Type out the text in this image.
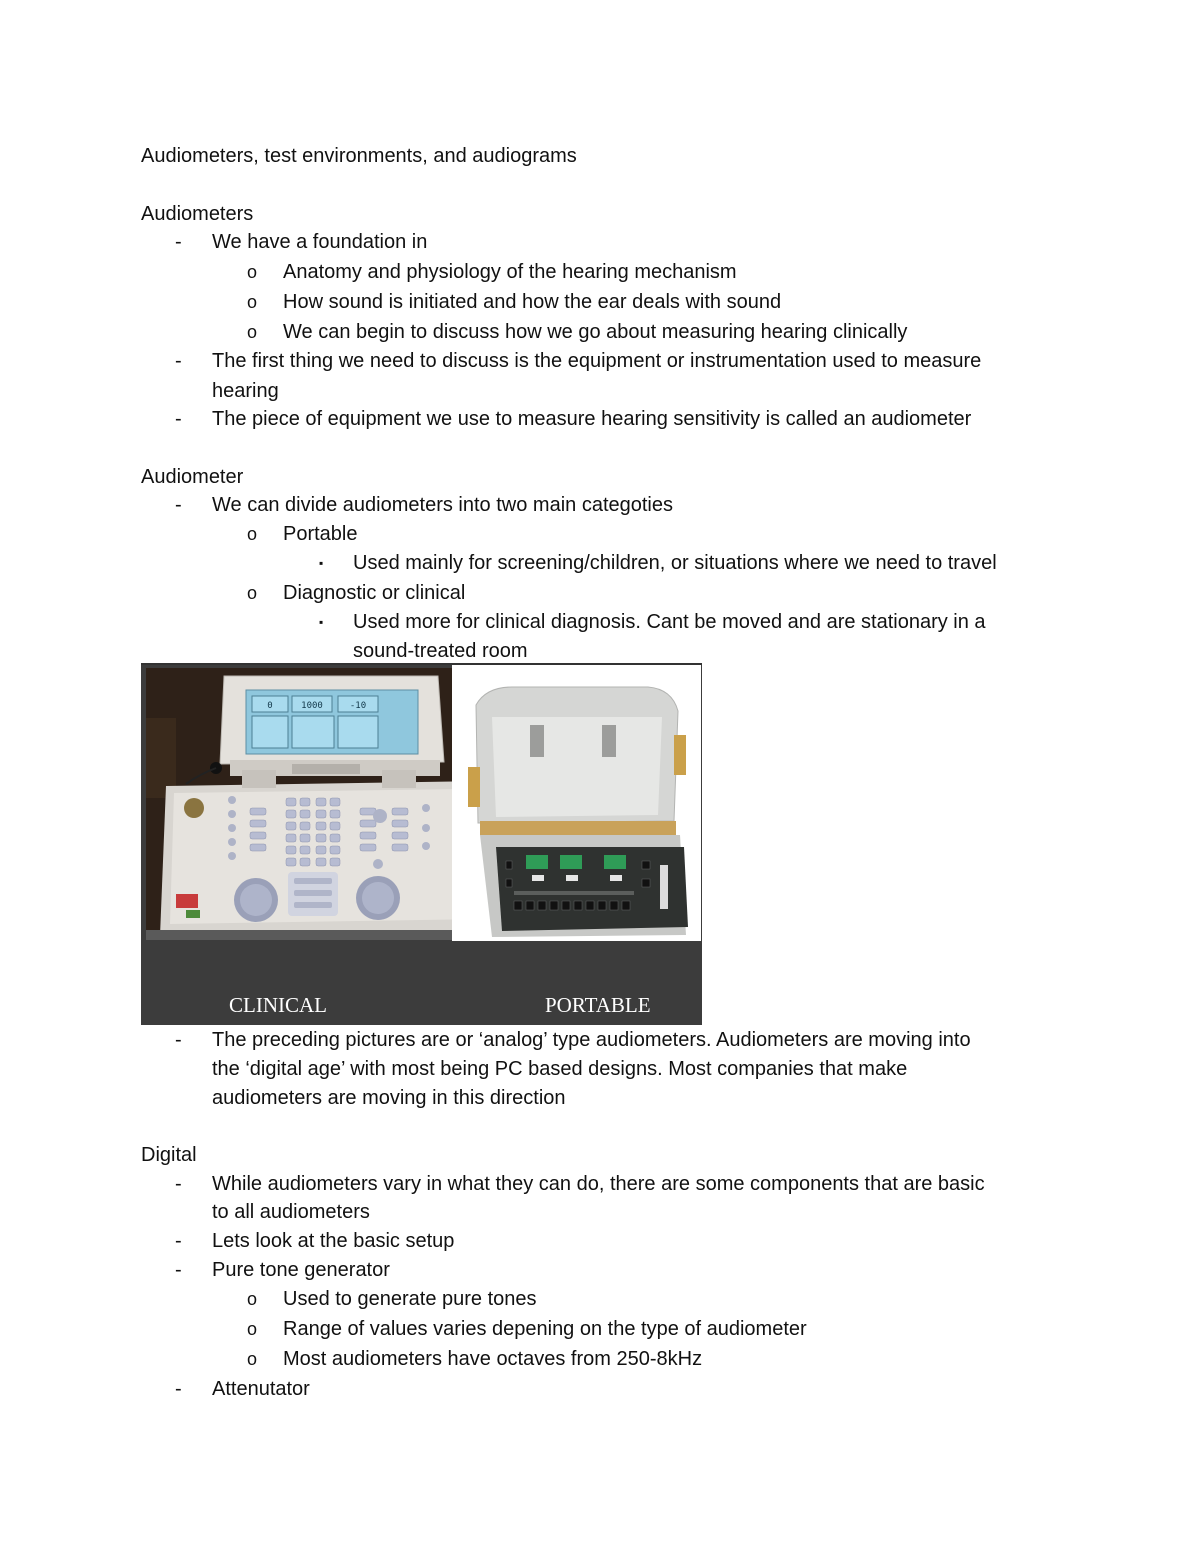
Audiometers, test environments, and audiograms
Audiometers
- We have a foundation in
o Anatomy and physiology of the hearing mechanism
o How sound is initiated and how the ear deals with sound
o We can begin to discuss how we go about measuring hearing clinically
- The first thing we need to discuss is the equipment or instrumentation used to measure
hearing
- The piece of equipment we use to measure hearing sensitivity is called an audiometer
Audiometer
- We can divide audiometers into two main categoties
o Portable
▪ Used mainly for screening/children, or situations where we need to travel
o Diagnostic or clinical
▪ Used more for clinical diagnosis. Cant be moved and are stationary in a
sound-treated room
0	1000	-10
CLINICAL	PORTABLE
- The preceding pictures are or ‘analog’ type audiometers. Audiometers are moving into
the ‘digital age’ with most being PC based designs. Most companies that make
audiometers are moving in this direction
Digital
- While audiometers vary in what they can do, there are some components that are basic
to all audiometers
- Lets look at the basic setup
- Pure tone generator
o Used to generate pure tones
o Range of values varies depening on the type of audiometer
o Most audiometers have octaves from 250-8kHz
- Attenutator
